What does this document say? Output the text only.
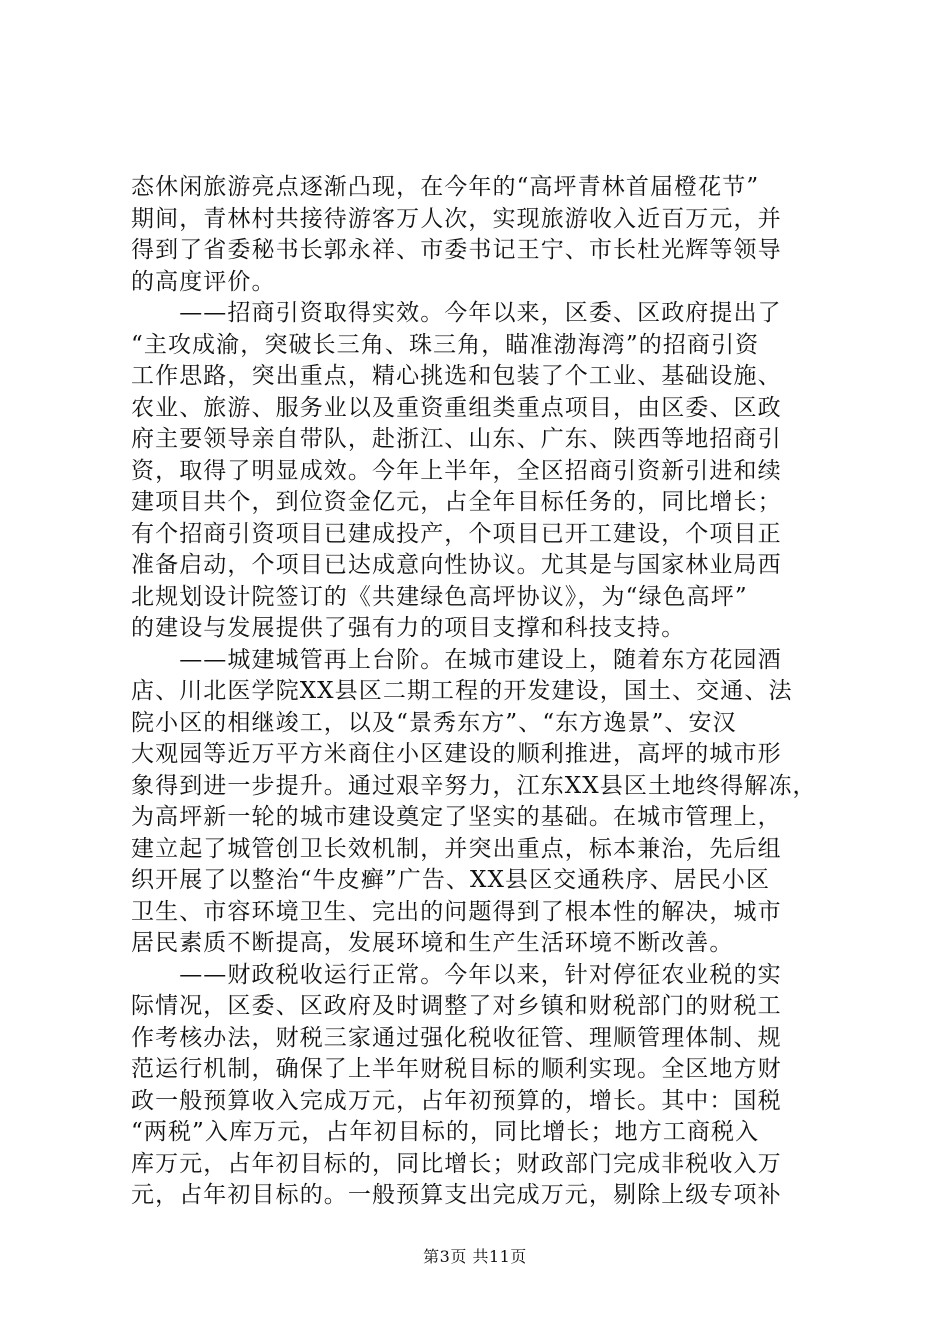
态休闲旅游亮点逐渐凸现，在今年的“高坪青林首届橙花节”
期间，青林村共接待游客万人次，实现旅游收入近百万元，并
得到了省委秘书长郭永祥、市委书记王宁、市长杜光辉等领导
的高度评价。
　　——招商引资取得实效。今年以来，区委、区政府提出了
“主攻成渝，突破长三角、珠三角，瞄准渤海湾”的招商引资
工作思路，突出重点，精心挑选和包装了个工业、基础设施、
农业、旅游、服务业以及重资重组类重点项目，由区委、区政
府主要领导亲自带队，赴浙江、山东、广东、陕西等地招商引
资，取得了明显成效。今年上半年，全区招商引资新引进和续
建项目共个，到位资金亿元，占全年目标任务的，同比增长；
有个招商引资项目已建成投产，个项目已开工建设，个项目正
准备启动，个项目已达成意向性协议。尤其是与国家林业局西
北规划设计院签订的《共建绿色高坪协议》，为“绿色高坪”
的建设与发展提供了强有力的项目支撑和科技支持。
　　——城建城管再上台阶。在城市建设上，随着东方花园酒
店、川北医学院XX县区二期工程的开发建设，国土、交通、法
院小区的相继竣工，以及“景秀东方”、“东方逸景”、安汉
大观园等近万平方米商住小区建设的顺利推进，高坪的城市形
象得到进一步提升。通过艰辛努力，江东XX县区土地终得解冻，
为高坪新一轮的城市建设奠定了坚实的基础。在城市管理上，
建立起了城管创卫长效机制，并突出重点，标本兼治，先后组
织开展了以整治“牛皮癣”广告、XX县区交通秩序、居民小区
卫生、市容环境卫生、完出的问题得到了根本性的解决，城市
居民素质不断提高，发展环境和生产生活环境不断改善。
　　——财政税收运行正常。今年以来，针对停征农业税的实
际情况，区委、区政府及时调整了对乡镇和财税部门的财税工
作考核办法，财税三家通过强化税收征管、理顺管理体制、规
范运行机制，确保了上半年财税目标的顺利实现。全区地方财
政一般预算收入完成万元，占年初预算的，增长。其中：国税
“两税”入库万元，占年初目标的，同比增长；地方工商税入
库万元，占年初目标的，同比增长；财政部门完成非税收入万
元，占年初目标的。一般预算支出完成万元，剔除上级专项补
第3页 共11页
